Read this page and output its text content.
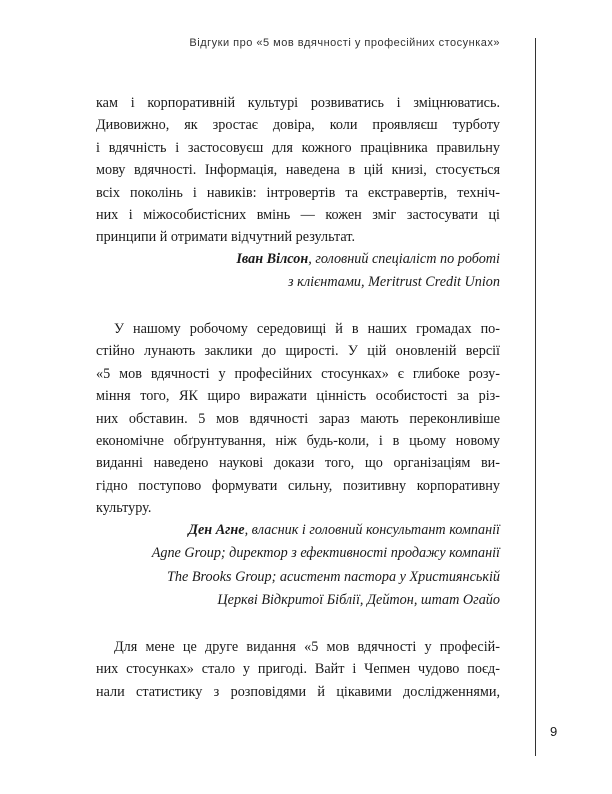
Відгуки про «5 мов вдячності у професійних стосунках»
9
кам і корпоративній культурі розвиватись і зміцнюватись.
Дивовижно, як зростає довіра, коли проявляєш турботу
і вдячність і застосовуєш для кожного працівника правильну
мову вдячності. Інформація, наведена в цій книзі, стосується
всіх поколінь і навиків: інтровертів та екстравертів, техніч-
них і міжособистісних вмінь — кожен зміг застосувати ці
принципи й отримати відчутний результат.
Іван Вілсон, головний спеціаліст по роботі
з клієнтами, Meritrust Credit Union
У нашому робочому середовищі й в наших громадах по-
стійно лунають заклики до щирості. У цій оновленій версії
«5 мов вдячності у професійних стосунках» є глибоке розу-
міння того, ЯК щиро виражати цінність особистості за різ-
них обставин. 5 мов вдячності зараз мають переконливіше
економічне обґрунтування, ніж будь-коли, і в цьому новому
виданні наведено наукові докази того, що організаціям ви-
гідно поступово формувати сильну, позитивну корпоративну
культуру.
Ден Агне, власник і головний консультант компанії
Agne Group; директор з ефективності продажу компанії
The Brooks Group; асистент пастора у Християнській
Церкві Відкритої Біблії, Дейтон, штат Огайо
Для мене це друге видання «5 мов вдячності у професій-
них стосунках» стало у пригоді. Вайт і Чепмен чудово поєд-
нали статистику з розповідями й цікавими дослідженнями,
